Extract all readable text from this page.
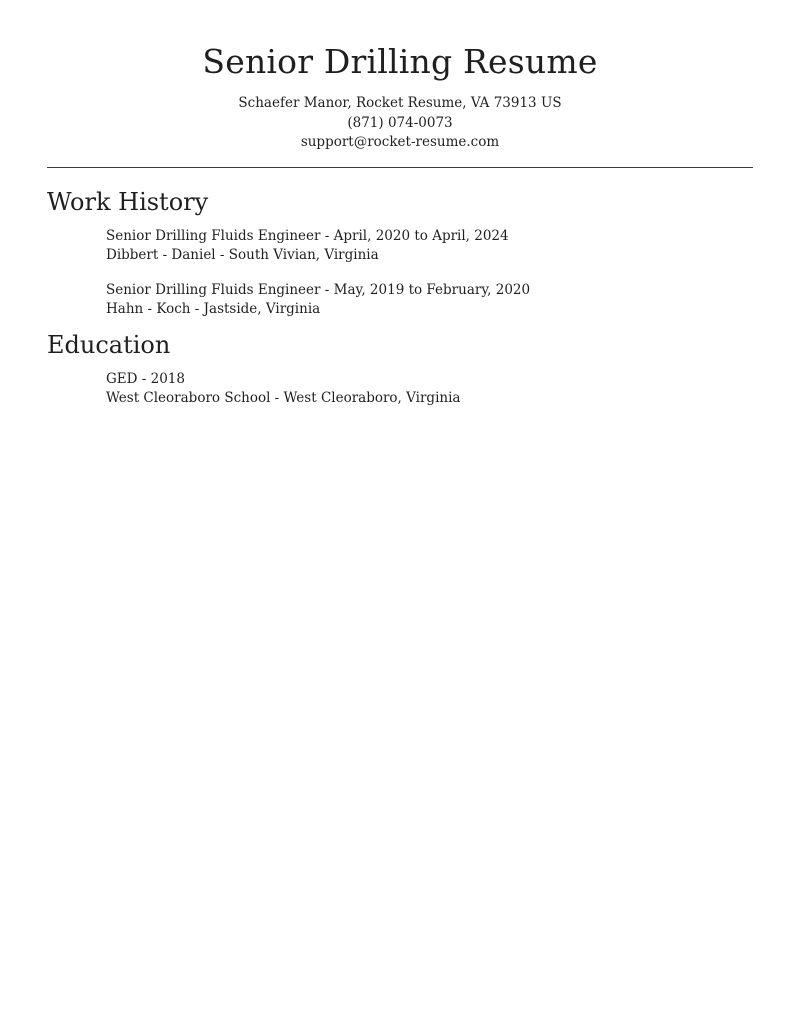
Senior Drilling Resume
Schaefer Manor, Rocket Resume, VA 73913 US
(871) 074-0073
support@rocket-resume.com
Work History
Senior Drilling Fluids Engineer - April, 2020 to April, 2024
Dibbert - Daniel - South Vivian, Virginia
Senior Drilling Fluids Engineer - May, 2019 to February, 2020
Hahn - Koch - Jastside, Virginia
Education
GED - 2018
West Cleoraboro School - West Cleoraboro, Virginia
